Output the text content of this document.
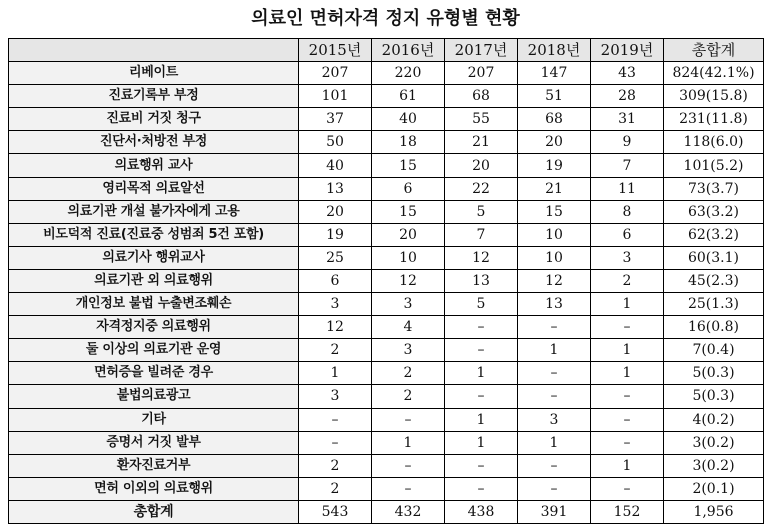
의료인 면허자격 정지 유형별 현황
	2015년	2016년	2017년	2018년	2019년	총합계
리베이트	207	220	207	147	43	824(42.1%)
진료기록부 부정	101	61	68	51	28	309(15.8)
진료비 거짓 청구	37	40	55	68	31	231(11.8)
진단서·처방전 부정	50	18	21	20	9	118(6.0)
의료행위 교사	40	15	20	19	7	101(5.2)
영리목적 의료알선	13	6	22	21	11	73(3.7)
의료기관 개설 불가자에게 고용	20	15	5	15	8	63(3.2)
비도덕적 진료(진료중 성범죄 5건 포함)	19	20	7	10	6	62(3.2)
의료기사 행위교사	25	10	12	10	3	60(3.1)
의료기관 외 의료행위	6	12	13	12	2	45(2.3)
개인정보 불법 누출변조훼손	3	3	5	13	1	25(1.3)
자격정지중 의료행위	12	4	–	–	–	16(0.8)
둘 이상의 의료기관 운영	2	3	–	1	1	7(0.4)
면허증을 빌려준 경우	1	2	1	–	1	5(0.3)
불법의료광고	3	2	–	–	–	5(0.3)
기타	–	–	1	3	–	4(0.2)
증명서 거짓 발부	–	1	1	1	–	3(0.2)
환자진료거부	2	–	–	–	1	3(0.2)
면허 이외의 의료행위	2	–	–	–	–	2(0.1)
총합계	543	432	438	391	152	1,956
